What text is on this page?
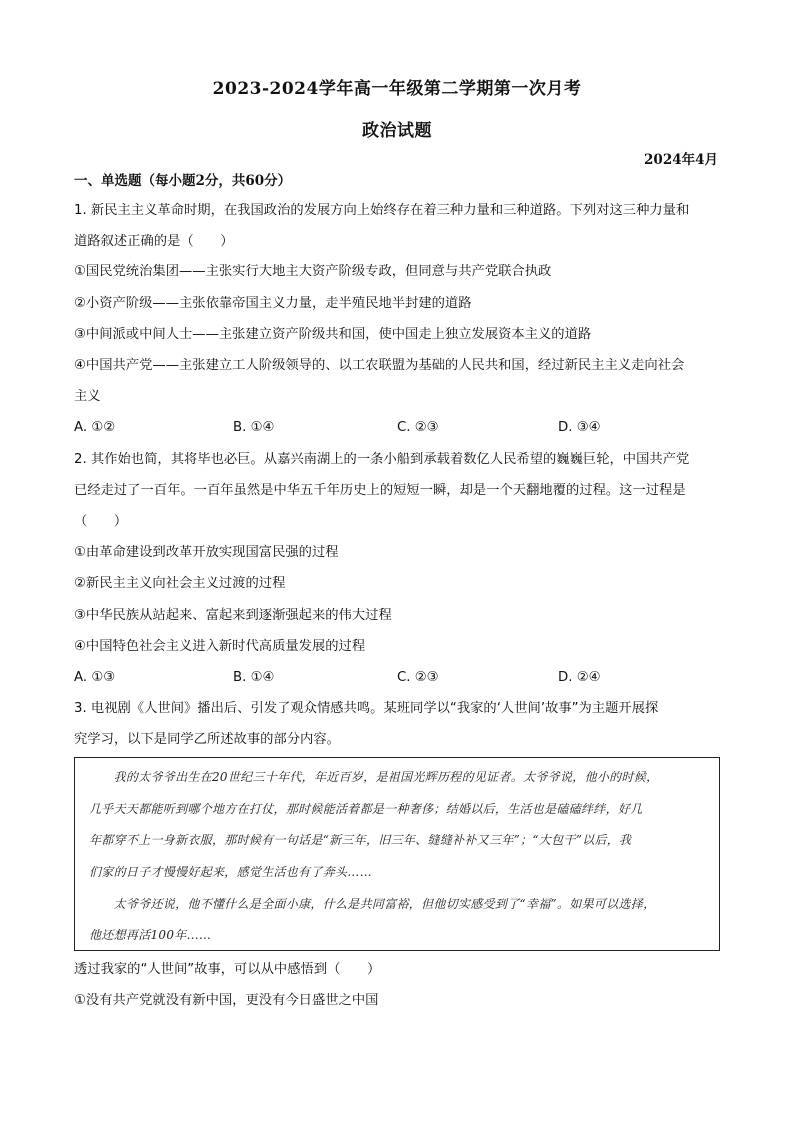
2023-2024学年高一年级第二学期第一次月考
政治试题
2024年4月
一、单选题（每小题2分，共60分）
1. 新民主主义革命时期，在我国政治的发展方向上始终存在着三种力量和三种道路。下列对这三种力量和
道路叙述正确的是（　　）
①国民党统治集团——主张实行大地主大资产阶级专政，但同意与共产党联合执政
②小资产阶级——主张依靠帝国主义力量，走半殖民地半封建的道路
③中间派或中间人士——主张建立资产阶级共和国，使中国走上独立发展资本主义的道路
④中国共产党——主张建立工人阶级领导的、以工农联盟为基础的人民共和国，经过新民主主义走向社会
主义
A. ①②	B. ①④	C. ②③	D. ③④
2. 其作始也简，其将毕也必巨。从嘉兴南湖上的一条小船到承载着数亿人民希望的巍巍巨轮，中国共产党
已经走过了一百年。一百年虽然是中华五千年历史上的短短一瞬，却是一个天翻地覆的过程。这一过程是
（　　）
①由革命建设到改革开放实现国富民强的过程
②新民主主义向社会主义过渡的过程
③中华民族从站起来、富起来到逐渐强起来的伟大过程
④中国特色社会主义进入新时代高质量发展的过程
A. ①③	B. ①④	C. ②③	D. ②④
3. 电视剧《人世间》播出后、引发了观众情感共鸣。某班同学以“我家的‘人世间’故事”为主题开展探
究学习，以下是同学乙所述故事的部分内容。
　　我的太爷爷出生在20世纪三十年代，年近百岁，是祖国光辉历程的见证者。太爷爷说，他小的时候，
几乎天天都能听到哪个地方在打仗，那时候能活着都是一种奢侈；结婚以后，生活也是磕磕绊绊，好几
年都穿不上一身新衣服，那时候有一句话是“新三年，旧三年、缝缝补补又三年”；“大包干”以后，我
们家的日子才慢慢好起来，感觉生活也有了奔头……
　　太爷爷还说，他不懂什么是全面小康，什么是共同富裕，但他切实感受到了“幸福”。如果可以选择，
他还想再活100年……
透过我家的“人世间”故事，可以从中感悟到（　　）
①没有共产党就没有新中国，更没有今日盛世之中国
